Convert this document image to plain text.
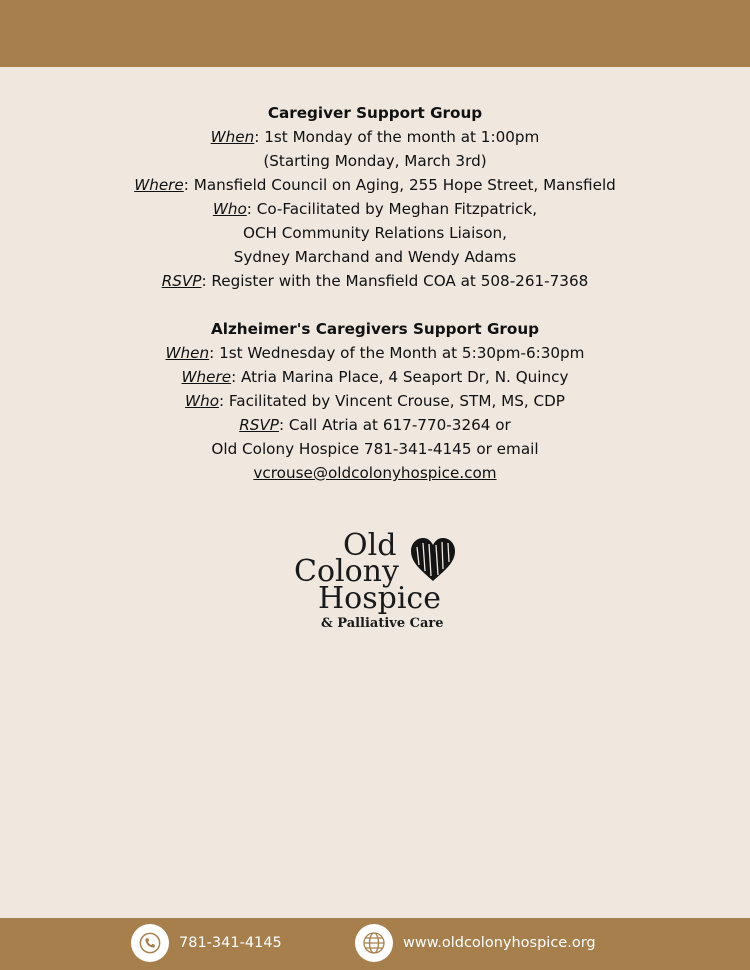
Caregiver Support Group
When: 1st Monday of the month at 1:00pm
(Starting Monday, March 3rd)
Where: Mansfield Council on Aging, 255 Hope Street, Mansfield
Who: Co-Facilitated by Meghan Fitzpatrick,
OCH Community Relations Liaison,
Sydney Marchand and Wendy Adams
RSVP: Register with the Mansfield COA at 508-261-7368
Alzheimer's Caregivers Support Group
When: 1st Wednesday of the Month at 5:30pm-6:30pm
Where: Atria Marina Place, 4 Seaport Dr, N. Quincy
Who: Facilitated by Vincent Crouse, STM, MS, CDP
RSVP: Call Atria at 617-770-3264 or
Old Colony Hospice 781-341-4145 or email
vcrouse@oldcolonyhospice.com
Old
Colony
Hospice
& Palliative Care
781-341-4145	www.oldcolonyhospice.org
